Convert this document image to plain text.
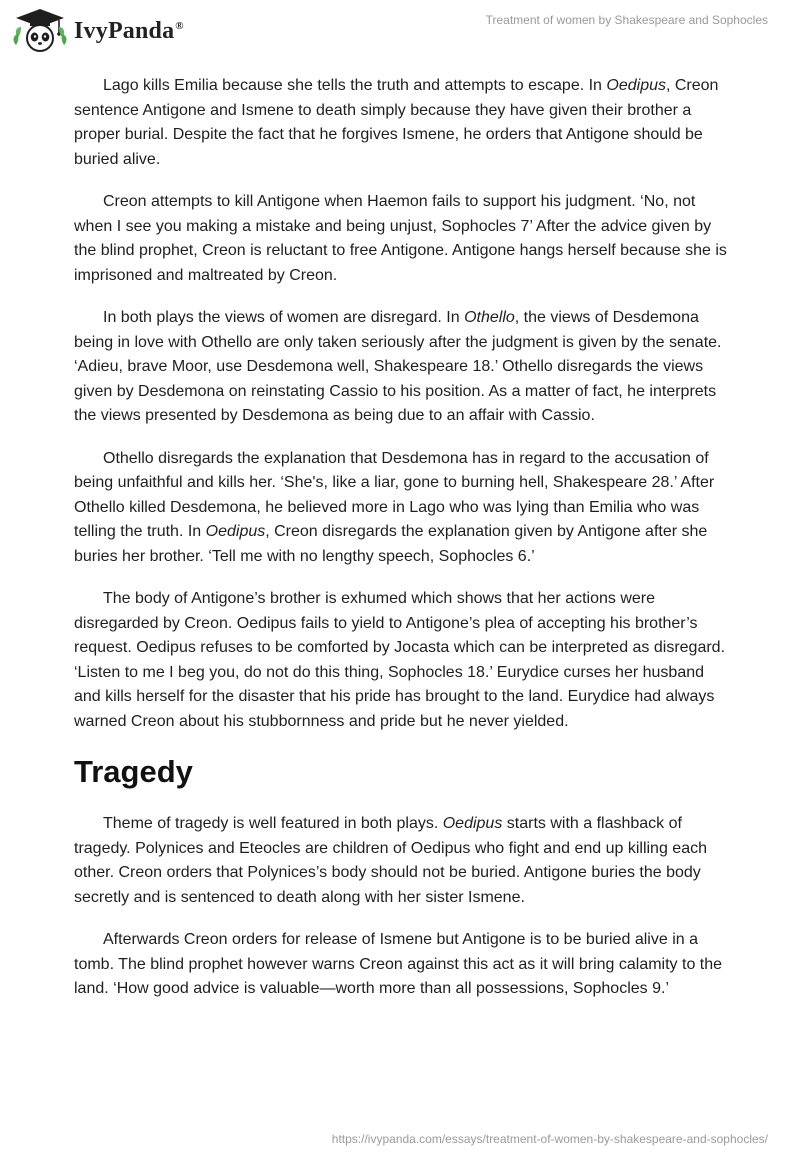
IvyPanda®	Treatment of women by Shakespeare and Sophocles

Lago kills Emilia because she tells the truth and attempts to escape. In Oedipus, Creon sentence Antigone and Ismene to death simply because they have given their brother a proper burial. Despite the fact that he forgives Ismene, he orders that Antigone should be buried alive.

Creon attempts to kill Antigone when Haemon fails to support his judgment. ‘No, not when I see you making a mistake and being unjust, Sophocles 7’ After the advice given by the blind prophet, Creon is reluctant to free Antigone. Antigone hangs herself because she is imprisoned and maltreated by Creon.

In both plays the views of women are disregard. In Othello, the views of Desdemona being in love with Othello are only taken seriously after the judgment is given by the senate. ‘Adieu, brave Moor, use Desdemona well, Shakespeare 18.’ Othello disregards the views given by Desdemona on reinstating Cassio to his position. As a matter of fact, he interprets the views presented by Desdemona as being due to an affair with Cassio.

Othello disregards the explanation that Desdemona has in regard to the accusation of being unfaithful and kills her. ‘She's, like a liar, gone to burning hell, Shakespeare 28.’ After Othello killed Desdemona, he believed more in Lago who was lying than Emilia who was telling the truth. In Oedipus, Creon disregards the explanation given by Antigone after she buries her brother. ‘Tell me with no lengthy speech, Sophocles 6.’

The body of Antigone’s brother is exhumed which shows that her actions were disregarded by Creon. Oedipus fails to yield to Antigone’s plea of accepting his brother’s request. Oedipus refuses to be comforted by Jocasta which can be interpreted as disregard. ‘Listen to me I beg you, do not do this thing, Sophocles 18.’ Eurydice curses her husband and kills herself for the disaster that his pride has brought to the land. Eurydice had always warned Creon about his stubbornness and pride but he never yielded.

Tragedy

Theme of tragedy is well featured in both plays. Oedipus starts with a flashback of tragedy. Polynices and Eteocles are children of Oedipus who fight and end up killing each other. Creon orders that Polynices’s body should not be buried. Antigone buries the body secretly and is sentenced to death along with her sister Ismene.

Afterwards Creon orders for release of Ismene but Antigone is to be buried alive in a tomb. The blind prophet however warns Creon against this act as it will bring calamity to the land. ‘How good advice is valuable—worth more than all possessions, Sophocles 9.’

https://ivypanda.com/essays/treatment-of-women-by-shakespeare-and-sophocles/
